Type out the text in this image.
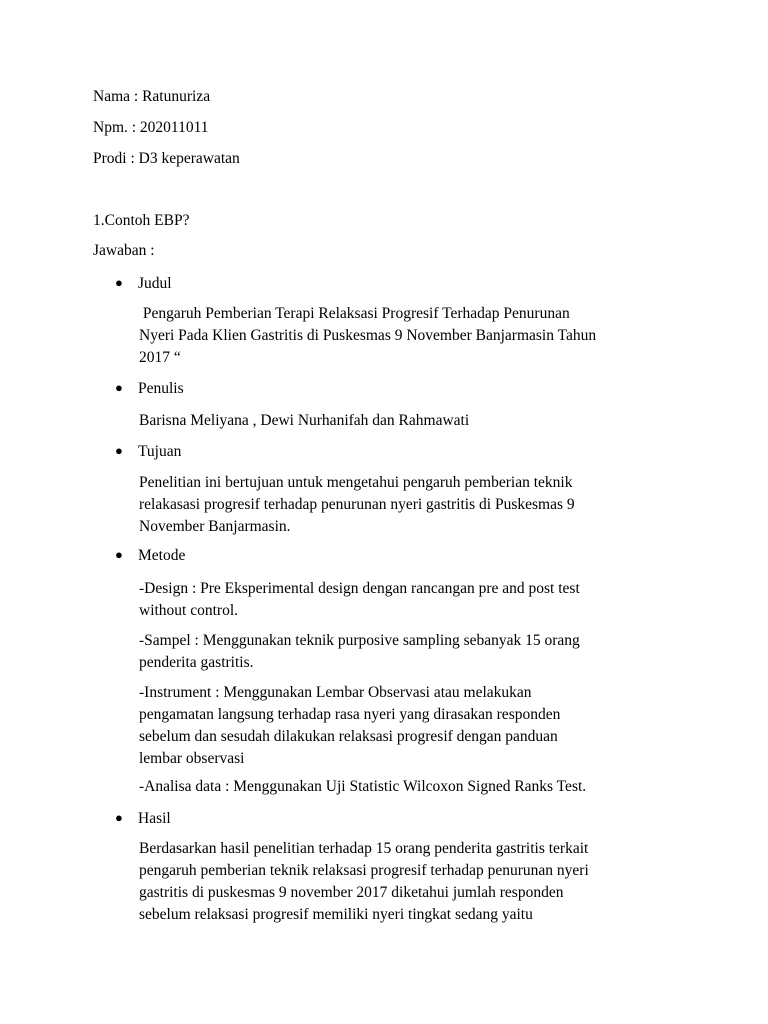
Nama : Ratunuriza
Npm. : 202011011
Prodi : D3 keperawatan
1.Contoh EBP?
Jawaban :
● Judul
Pengaruh Pemberian Terapi Relaksasi Progresif Terhadap Penurunan
Nyeri Pada Klien Gastritis di Puskesmas 9 November Banjarmasin Tahun
2017 “
● Penulis
Barisna Meliyana , Dewi Nurhanifah dan Rahmawati
● Tujuan
Penelitian ini bertujuan untuk mengetahui pengaruh pemberian teknik
relakasasi progresif terhadap penurunan nyeri gastritis di Puskesmas 9
November Banjarmasin.
● Metode
-Design : Pre Eksperimental design dengan rancangan pre and post test
without control.
-Sampel : Menggunakan teknik purposive sampling sebanyak 15 orang
penderita gastritis.
-Instrument : Menggunakan Lembar Observasi atau melakukan
pengamatan langsung terhadap rasa nyeri yang dirasakan responden
sebelum dan sesudah dilakukan relaksasi progresif dengan panduan
lembar observasi
-Analisa data : Menggunakan Uji Statistic Wilcoxon Signed Ranks Test.
● Hasil
Berdasarkan hasil penelitian terhadap 15 orang penderita gastritis terkait
pengaruh pemberian teknik relaksasi progresif terhadap penurunan nyeri
gastritis di puskesmas 9 november 2017 diketahui jumlah responden
sebelum relaksasi progresif memiliki nyeri tingkat sedang yaitu
